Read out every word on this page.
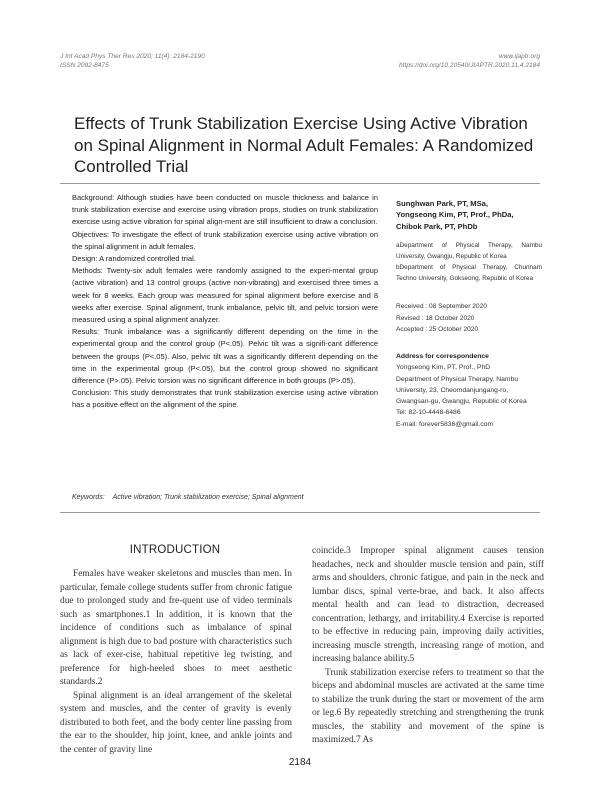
J Int Acad Phys Ther Res 2020; 11(4): 2184-2190
ISSN 2092-8475
www.ijaptr.org
https://doi.org/10.20540/JIAPTR.2020.11.4.2184
Effects of Trunk Stabilization Exercise Using Active Vibration on Spinal Alignment in Normal Adult Females: A Randomized Controlled Trial

Background: Although studies have been conducted on muscle thickness and balance in trunk stabilization exercise and exercise using vibration props, studies on trunk stabilization exercise using active vibration for spinal align-ment are still insufficient to draw a conclusion.

Objectives: To investigate the effect of trunk stabilization exercise using active vibration on the spinal alignment in adult females.

Design: A randomized controlled trial.

Methods: Twenty-six adult females were randomly assigned to the experi-mental group (active vibration) and 13 control groups (active non-vibrating) and exercised three times a week for 8 weeks. Each group was measured for spinal alignment before exercise and 8 weeks after exercise. Spinal alignment, trunk imbalance, pelvic tilt, and pelvic torsion were measured using a spinal alignment analyzer.

Results: Trunk imbalance was a significantly different depending on the time in the experimental group and the control group (P<.05). Pelvic tilt was a signifi-cant difference between the groups (P<.05). Also, pelvic tilt was a significantly different depending on the time in the experimental group (P<.05), but the control group showed no significant difference (P>.05). Pelvic torsion was no significant difference in both groups (P>.05).

Conclusion: This study demonstrates that trunk stabilization exercise using active vibration has a positive effect on the alignment of the spine.

Sunghwan Park, PT, MSa,
Yongseong Kim, PT, Prof., PhDa,
Chibok Park, PT, PhDb

aDepartment of Physical Therapy, Nambu University, Gwangju, Republic of Korea

bDepartment of Physical Therapy, Chunnam Techno University, Gokseong, Republic of Korea

Received : 08 September 2020

Revised : 18 October 2020

Accepted : 25 October 2020

Address for correspondence

Yongseong Kim, PT, Prof., PhD

Department of Physical Therapy, Nambu University, 23, Cheomdanjungang-ro, Gwangsan-gu, Gwangju, Republic of Korea

Tel: 82-10-4448-6486

E-mail: forever5836@gmail.com

Keywords: Active vibration; Trunk stabilization exercise; Spinal alignment
INTRODUCTION

Females have weaker skeletons and muscles than men. In particular, female college students suffer from chronic fatigue due to prolonged study and fre-quent use of video terminals such as smartphones.1 In addition, it is known that the incidence of conditions such as imbalance of spinal alignment is high due to bad posture with characteristics such as lack of exer-cise, habitual repetitive leg twisting, and preference for high-heeled shoes to meet aesthetic standards.2

Spinal alignment is an ideal arrangement of the skeletal system and muscles, and the center of gravity is evenly distributed to both feet, and the body center line passing from the ear to the shoulder, hip joint, knee, and ankle joints and the center of gravity line

coincide.3 Improper spinal alignment causes tension headaches, neck and shoulder muscle tension and pain, stiff arms and shoulders, chronic fatigue, and pain in the neck and lumbar discs, spinal verte-brae, and back. It also affects mental health and can lead to distraction, decreased concentration, lethargy, and irritability.4 Exercise is reported to be effective in reducing pain, improving daily activities, increasing muscle strength, increasing range of motion, and increasing balance ability.5

Trunk stabilization exercise refers to treatment so that the biceps and abdominal muscles are activated at the same time to stabilize the trunk during the start or movement of the arm or leg.6 By repeatedly stretching and strengthening the trunk muscles, the stability and movement of the spine is maximized.7 As

2184
